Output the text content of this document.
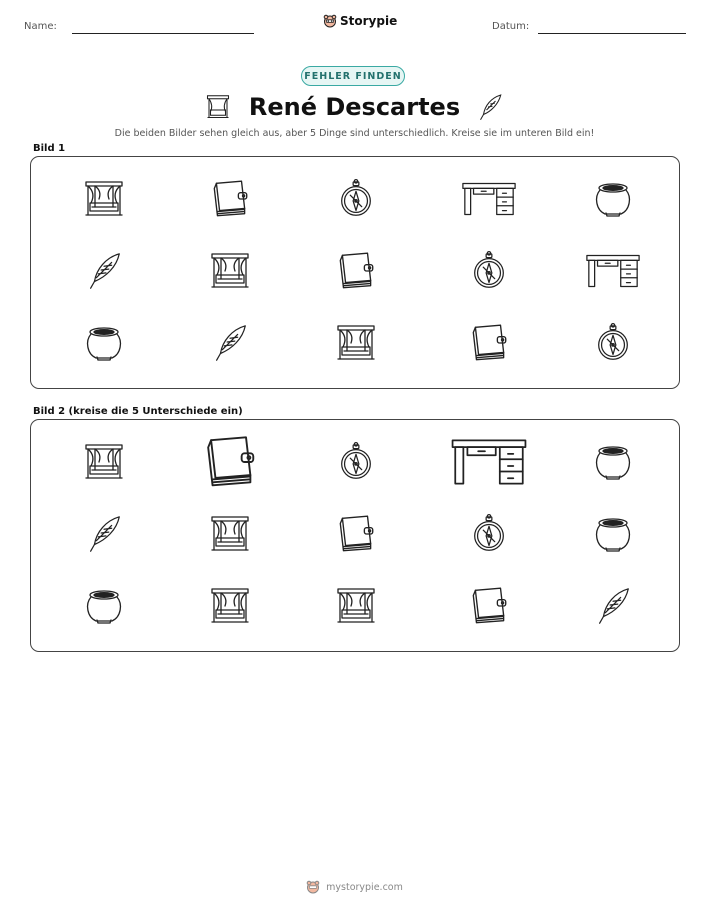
Name:	Storypie	Datum:
FEHLER FINDEN
René Descartes
Die beiden Bilder sehen gleich aus, aber 5 Dinge sind unterschiedlich. Kreise sie im unteren Bild ein!
Bild 1
Bild 2 (kreise die 5 Unterschiede ein)
mystorypie.com
